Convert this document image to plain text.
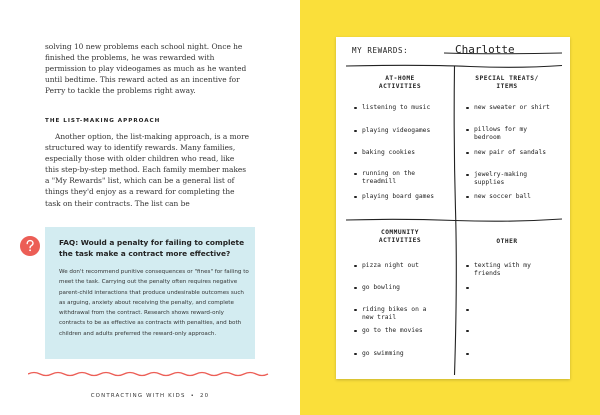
solving 10 new problems each school night. Once he finished the problems, he was rewarded with permission to play videogames as much as he wanted until bedtime. This reward acted as an incentive for Perry to tackle the problems right away.

THE LIST-MAKING APPROACH

Another option, the list-making approach, is a more structured way to identify rewards. Many families, especially those with older children who read, like this step-by-step method. Each family member makes a "My Rewards" list, which can be a general list of things they'd enjoy as a reward for completing the task on their contracts. The list can be

FAQ: Would a penalty for failing to complete the task make a contract more effective?

We don't recommend punitive consequences or "fines" for failing to meet the task. Carrying out the penalty often requires negative parent-child interactions that produce undesirable outcomes such as arguing, anxiety about receiving the penalty, and complete withdrawal from the contract. Research shows reward-only contracts to be as effective as contracts with penalties, and both children and adults preferred the reward-only approach.

CONTRACTING WITH KIDS • 20
MY REWARDS:	Charlotte
AT-HOME
ACTIVITIES
listening to music
playing videogames
baking cookies
running on the
treadmill
playing board games
SPECIAL TREATS/
ITEMS
new sweater or shirt
pillows for my
bedroom
new pair of sandals
jewelry-making
supplies
new soccer ball
COMMUNITY
ACTIVITIES
pizza night out
go bowling
riding bikes on a
new trail
go to the movies
go swimming
OTHER
texting with my
friends
